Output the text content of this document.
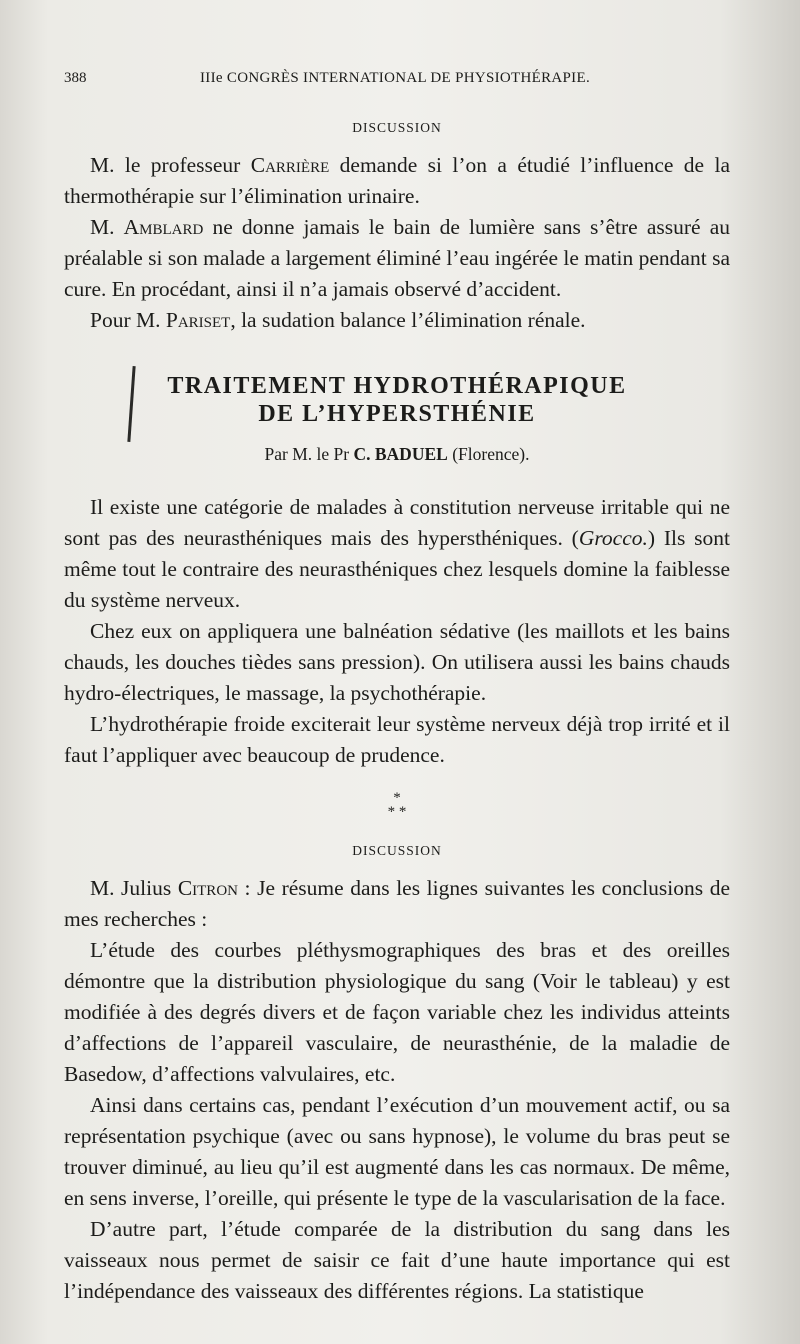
388	IIIe CONGRÈS INTERNATIONAL DE PHYSIOTHÉRAPIE.
DISCUSSION

M. le professeur Carrière demande si l’on a étudié l’influence de la thermothérapie sur l’élimination urinaire.

M. Amblard ne donne jamais le bain de lumière sans s’être assuré au préalable si son malade a largement éliminé l’eau ingérée le matin pendant sa cure. En procédant, ainsi il n’a jamais observé d’accident.

Pour M. Pariset, la sudation balance l’élimination rénale.

TRAITEMENT HYDROTHÉRAPIQUE
DE L’HYPERSTHÉNIE
Par M. le Pr C. BADUEL (Florence).

Il existe une catégorie de malades à constitution nerveuse irritable qui ne sont pas des neurasthéniques mais des hypersthéniques. (Grocco.) Ils sont même tout le contraire des neurasthéniques chez lesquels domine la faiblesse du système nerveux.

Chez eux on appliquera une balnéation sédative (les maillots et les bains chauds, les douches tièdes sans pression). On utilisera aussi les bains chauds hydro-électriques, le massage, la psychothérapie.

L’hydrothérapie froide exciterait leur système nerveux déjà trop irrité et il faut l’appliquer avec beaucoup de prudence.

*
* *
DISCUSSION

M. Julius Citron : Je résume dans les lignes suivantes les conclusions de mes recherches :

L’étude des courbes pléthysmographiques des bras et des oreilles démontre que la distribution physiologique du sang (Voir le tableau) y est modifiée à des degrés divers et de façon variable chez les individus atteints d’affections de l’appareil vasculaire, de neurasthénie, de la maladie de Basedow, d’affections valvulaires, etc.

Ainsi dans certains cas, pendant l’exécution d’un mouvement actif, ou sa représentation psychique (avec ou sans hypnose), le volume du bras peut se trouver diminué, au lieu qu’il est augmenté dans les cas normaux. De même, en sens inverse, l’oreille, qui présente le type de la vascularisation de la face.

D’autre part, l’étude comparée de la distribution du sang dans les vaisseaux nous permet de saisir ce fait d’une haute importance qui est l’indépendance des vaisseaux des différentes régions. La statistique
